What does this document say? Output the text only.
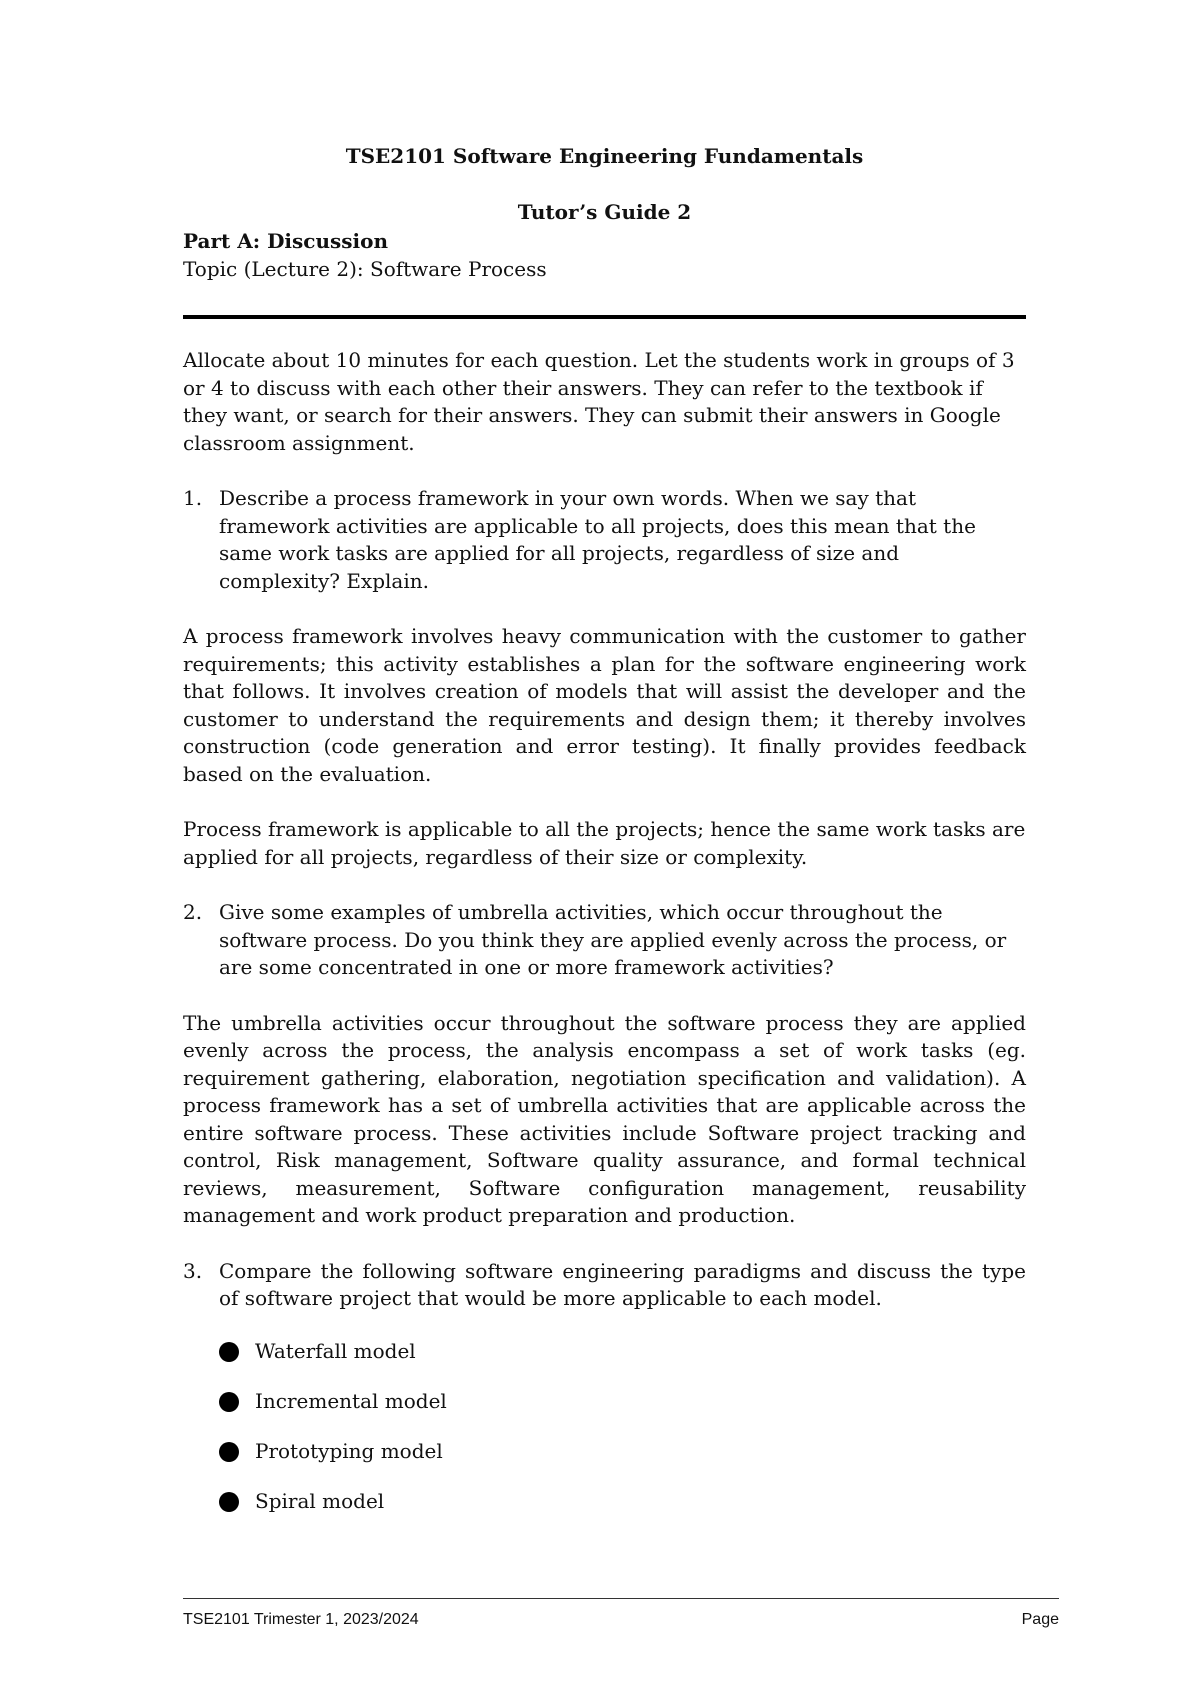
TSE2101 Software Engineering Fundamentals

Tutor’s Guide 2

Part A: Discussion

Topic (Lecture 2): Software Process

Allocate about 10 minutes for each question. Let the students work in groups of 3 or 4 to discuss with each other their answers. They can refer to the textbook if they want, or search for their answers. They can submit their answers in Google classroom assignment.

1. Describe a process framework in your own words. When we say that framework activities are applicable to all projects, does this mean that the same work tasks are applied for all projects, regardless of size and complexity? Explain.

A process framework involves heavy communication with the customer to gather requirements; this activity establishes a plan for the software engineering work that follows. It involves creation of models that will assist the developer and the customer to understand the requirements and design them; it thereby involves construction (code generation and error testing). It finally provides feedback based on the evaluation.

Process framework is applicable to all the projects; hence the same work tasks are applied for all projects, regardless of their size or complexity.

2. Give some examples of umbrella activities, which occur throughout the software process. Do you think they are applied evenly across the process, or are some concentrated in one or more framework activities?

The umbrella activities occur throughout the software process they are applied evenly across the process, the analysis encompass a set of work tasks (eg. requirement gathering, elaboration, negotiation specification and validation). A process framework has a set of umbrella activities that are applicable across the entire software process. These activities include Software project tracking and control, Risk management, Software quality assurance, and formal technical reviews, measurement, Software configuration management, reusability management and work product preparation and production.

3. Compare the following software engineering paradigms and discuss the type of software project that would be more applicable to each model.
Waterfall model
Incremental model
Prototyping model
Spiral model
TSE2101 Trimester 1, 2023/2024	Page
